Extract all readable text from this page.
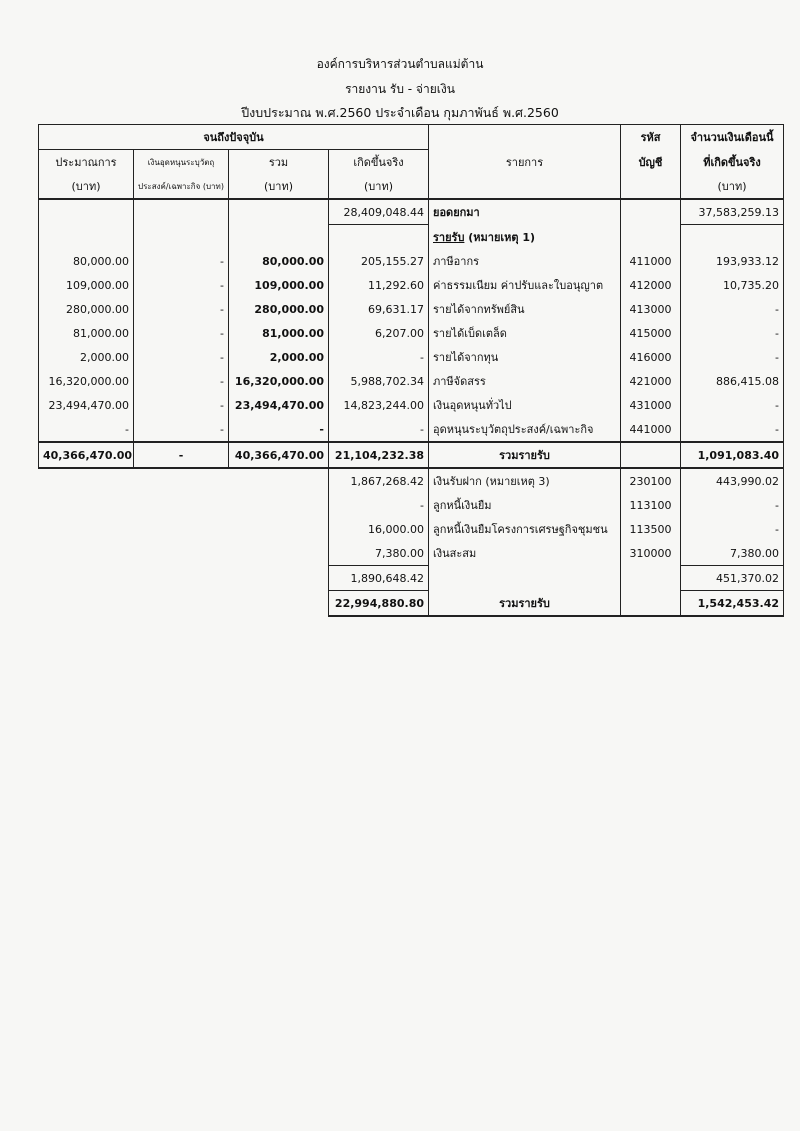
องค์การบริหารส่วนตำบลแม่ต้าน
รายงาน รับ - จ่ายเงิน
ปีงบประมาณ พ.ศ.2560 ประจำเดือน กุมภาพันธ์ พ.ศ.2560
จนถึงปัจจุบัน					รหัส	จำนวนเงินเดือนนี้
ประมาณการ	เงินอุดหนุนระบุวัตถุ	รวม	เกิดขึ้นจริง	รายการ	บัญชี	ที่เกิดขึ้นจริง
(บาท)	ประสงค์/เฉพาะกิจ (บาท)	(บาท)	(บาท)			(บาท)
			28,409,048.44	ยอดยกมา		37,583,259.13
				รายรับ (หมายเหตุ 1)		
80,000.00	-	80,000.00	205,155.27	ภาษีอากร	411000	193,933.12
109,000.00	-	109,000.00	11,292.60	ค่าธรรมเนียม ค่าปรับและใบอนุญาต	412000	10,735.20
280,000.00	-	280,000.00	69,631.17	รายได้จากทรัพย์สิน	413000	-
81,000.00	-	81,000.00	6,207.00	รายได้เบ็ดเตล็ด	415000	-
2,000.00	-	2,000.00	-	รายได้จากทุน	416000	-
16,320,000.00	-	16,320,000.00	5,988,702.34	ภาษีจัดสรร	421000	886,415.08
23,494,470.00	-	23,494,470.00	14,823,244.00	เงินอุดหนุนทั่วไป	431000	-
-	-	-	-	อุดหนุนระบุวัตถุประสงค์/เฉพาะกิจ	441000	-
40,366,470.00	-	40,366,470.00	21,104,232.38	รวมรายรับ		1,091,083.40
			1,867,268.42	เงินรับฝาก (หมายเหตุ 3)	230100	443,990.02
			-	ลูกหนี้เงินยืม	113100	-
			16,000.00	ลูกหนี้เงินยืมโครงการเศรษฐกิจชุมชน	113500	-
			7,380.00	เงินสะสม	310000	7,380.00
			1,890,648.42			451,370.02
			22,994,880.80	รวมรายรับ		1,542,453.42
